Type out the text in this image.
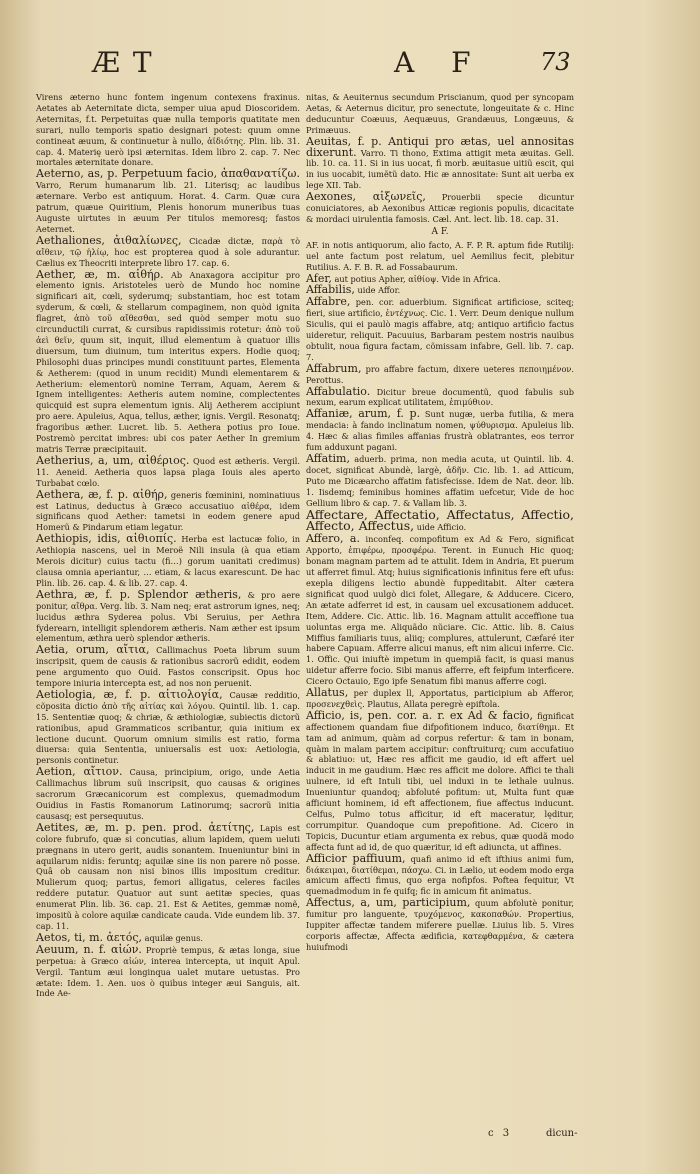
Æ T	A F 73
Virens æterno hunc fontem ingenum contexens fraxinus. Aetates ab Aeternitate dicta, semper uiua apud Dioscoridem. Aeternitas, f.t. Perpetuitas quæ nulla temporis quatitate men surari, nullo temporis spatio designari potest: quum omne contineat æuum, & continuetur à nullo, ἀϊδιότης. Plin. lib. 31. cap. 4. Materię uerò ipsi æternitas. Idem libro 2. cap. 7. Nec mortales æternitate donare.
Aeterno, as, p. Perpetuum facio, ἀπαθανατίζω. Varro, Rerum humanarum lib. 21. Literisq; ac laudibus æternare. Verbo est antiquum. Horat. 4. Carm. Quæ cura patrum, quæue Quiritium, Plenis honorum muneribus tuas Auguste uirtutes in æuum Per titulos memoresq; fastos Aeternet.
Aethaliones, ἀιθαλίωνες, Cicadæ dictæ, παρὰ τὸ αἴθειν, τῷ ἡλίῳ, hoc est propterea quod à sole adurantur. Cælius ex Theocriti interprete libro 17. cap. 6.
Aether, æ, m. αἰθήρ. Ab Anaxagora accipitur pro elemento ignis. Aristoteles uerò de Mundo hoc nomine significari ait, cœli, syderumq; substantiam, hoc est totam syderum, & cœli, & stellarum compaginem, non quòd ignita flagret, ἀπὸ τοῦ αἴθεσθαι, sed quòd semper motu suo circunductili currat, & cursibus rapidissimis rotetur: ἀπὸ τοῦ ἀεὶ θεῖν, quum sit, inquit, illud elementum à quatuor illis diuersum, tum diuinum, tum interitus expers. Hodie quoq; Philosophi duas principes mundi constituunt partes, Elementa & Aetherem: (quod in unum recidit) Mundi elementarem & Aetherium: elementorũ nomine Terram, Aquam, Aerem & Ignem intelligentes: Aetheris autem nomine, complectentes quicquid est supra elementum ignis. Alij Aetherem accipiunt pro aere. Apuleius, Aqua, tellus, æther, ignis. Vergil. Resonatq; fragoribus æther. Lucret. lib. 5. Aethera potius pro Ioue. Postremò percitat imbres: ubi cos pater Aether In gremium matris Terræ præcipitauit.
Aetherius, a, um, αἰθέριος. Quod est ætheris. Vergil. 11. Aeneid. Aetheria quos lapsa plaga Iouis ales aperto Turbabat cœlo.
Aethera, æ, f. p. αἰθήρ, generis fœminini, nominatiuus est Latinus, deductus à Græco accusatiuo αἰθέρα, idem significans quod Aether: tametsi in eodem genere apud Homerũ & Pindarum etiam legatur.
Aethiopis, idis, αἰθιοπίς. Herba est lactucæ folio, in Aethiopia nascens, uel in Meroë Nili insula (à qua etiam Merois dicitur) cuius tactu (fi…) gorum uanitati credimus) clausa omnia aperiantur, … etiam, & lacus exarescunt. De hac Plin. lib. 26. cap. 4. & lib. 27. cap. 4.
Aethra, æ, f. p. Splendor ætheris, & pro aere ponitur, αἴθρα. Verg. lib. 3. Nam neq; erat astrorum ignes, neq; lucidus æthra Syderea polus. Vbi Seruius, per Aethra fyderearn, intelligit splendorem ætheris. Nam æther est ipsum elementum, æthra uerò splendor ætheris.
Aetia, orum, αἴτια, Callimachus Poeta librum suum inscripsit, quem de causis & rationibus sacrorũ edidit, eodem pene argumento quo Ouid. Fastos conscripsit. Opus hoc tempore iniuria intercepta est, ad nos non peruenit.
Aetiologia, æ, f. p. αἰτιολογία, Causæ redditio, cõposita dictio ἀπὸ τῆς αἰτίας καὶ λόγου. Quintil. lib. 1. cap. 15. Sententiæ quoq; & chriæ, & æthiologiæ, subiectis dictorũ rationibus, apud Grammaticos scribantur, quia initium ex lectione ducunt. Quorum omnium similis est ratio, forma diuersa: quia Sententia, uniuersalis est uox: Aetiologia, personis continetur.
Aetion, αἴτιον. Causa, principium, origo, unde Aetia Callimachus librum suũ inscripsit, quo causas & origines sacrorum Græcanicorum est complexus, quemadmodum Ouidius in Fastis Romanorum Latinorumq; sacrorũ initia causasq; est persequutus.
Aetites, æ, m. p. pen. prod. ἀετίτης, Lapis est colore fubrufo, quæ si concutias, alium lapidem, quem ueluti prægnans in utero gerit, audis sonantem. Inueniuntur bini in aquilarum nidis: feruntq; aquilæ sine iis non parere nõ posse. Quâ ob causam non nisi binos illis impositum creditur. Mulierum quoq; partus, femori alligatus, celeres faciles reddere putatur. Quatuor aut sunt aetitæ species, quas enumerat Plin. lib. 36. cap. 21. Est & Aetites, gemmæ nomẽ, impositũ à colore aquilæ candicate cauda. Vide eundem lib. 37. cap. 11.
Aetos, ti, m. ἀετός, aquilæ genus.
Aeuum, n. f. αἰών. Propriè tempus, & ætas longa, siue perpetua: à Græco αἰών, interea intercepta, ut inquit Apul. Vergil. Tantum æui longinqua ualet mutare uetustas. Pro ætate: Idem. 1. Aen. uos ò quibus integer æui Sanguis, ait. Inde Ae-
nitas, & Aeuiternus secundum Priscianum, quod per syncopam Aetas, & Aeternus dicitur, pro senectute, longeuitate & c. Hinc deducuntur Coæuus, Aequæuus, Grandæuus, Longæuus, & Primæuus.
Aeuitas, f. p. Antiqui pro ætas, uel annositas dixerunt. Varro. Ti thono, Extima attigit meta æuitas. Gell. lib. 10. ca. 11. Si in ius uocat, fi morb. æuitasue uitiũ escit, qui in ius uocabit, iumẽtũ dato. Hic æ annositate: Sunt ait uerba ex lege XII. Tab.
Aexones, αἰξωνεῖς, Prouerbii specie dicuntur conuiciatores, ab Aexonibus Atticæ regionis populis, dicacitate & mordaci uirulentia famosis. Cæl. Ant. lect. lib. 18. cap. 31.
A F.
AF. in notis antiquorum, alio facto, A. F. P. R. aptum fide Rutilij: uel ante factum post relatum, uel Aemilius fecit, plebitur Rutilius. A. F. B. R. ad Fossabaurum.
Afer, aut potius Apher, αἰθίοψ. Vide in Africa.
Affabilis, uide Affor.
Affabre, pen. cor. aduerbium. Significat artificiose, sciteq; fieri, siue artificio, ἐντέχνως. Cic. 1. Verr. Deum denique nullum Siculis, qui ei paulò magis affabre, atq; antiquo artificio factus uideretur, reliquit. Pacuuius, Barbaram pestem nostris nauibus obtulit, noua figura factam, cõmissam infabre, Gell. lib. 7. cap. 7.
Affabrum, pro affabre factum, dixere ueteres πεποιημένον. Perottus.
Affabulatio. Dicitur breue documentũ, quod fabulis sub nexum, earum explicat utilitatem, ἐπιμύθιον.
Affaniæ, arum, f. p. Sunt nugæ, uerba futilia, & mera mendacia: à fando inclinatum nomen, ψύθυρισμα. Apuleius lib. 4. Hæc & alias fimiles affanias frustrà oblatrantes, eos terror fum adduxunt pagani.
Affatim, aduerb. prima, non media acuta, ut Quintil. lib. 4. docet, significat Abundè, largè, ἀδῆν. Cic. lib. 1. ad Atticum, Puto me Dicæarcho affatim fatisfecisse. Idem de Nat. deor. lib. 1. Iisdemq; feminibus homines affatim uefcetur, Vide de hoc Gellium libro & cap. 7. & Vallam lib. 3.
Affectare, Affectatio, Affectatus, Affectio, Affecto, Affectus, uide Afficio.
Affero, a. inconfeq. compofitum ex Ad & Fero, significat Apporto, ἐπιφέρω, προσφέρω. Terent. in Eunuch Hic quoq; bonam magnam partem ad te attulit. Idem in Andria, Et puerum ut afferret fimul. Atq; huius significationis infinitus fere eft ufus: exepla diligens lectio abundè fuppeditabit. Alter cætera significat quod uulgò dici folet, Allegare, & Adducere. Cicero, An ætate adferret id est, in causam uel excusationem adducet. Item, Addere. Cic. Attic. lib. 16. Magnam attulit acceffione tua uoluntas erga me. Aliquãdo nũciare. Cic. Attic. lib. 8. Caius Miffius familiaris tuus, aliiq; complures, attulerunt, Cæfaré iter habere Capuam. Afferre alicui manus, eft nim alicui inferre. Cic. 1. Offic. Qui iniuftè impetum in quempiã facit, is quasi manus uidetur afferre focio. Sibi manus afferre, eft feipfum interficere. Cicero Octauio, Ego ipfe Senatum fibi manus afferre cogi.
Allatus, per duplex ll, Apportatus, participium ab Afferor, προσενεχθεὶς. Plautus, Allata peregrè epiftola.
Afficio, is, pen. cor. a. r. ex Ad & facio, fignificat affectionem quandam fiue difpofitionem induco, διατίθημι. Et tam ad animum, quàm ad corpus refertur: & tam in bonam, quàm in malam partem accipitur: conftruiturq; cum accufatiuo & ablatiuo: ut, Hæc res afficit me gaudio, id eft affert uel inducit in me gaudium. Hæc res afficit me dolore. Affici te thali uulnere, id eft Intuli tibi, uel induxi in te lethale uulnus. Inueniuntur quandoq; abfoluté pofitum: ut, Multa funt quæ afficiunt hominem, id eft affectionem, fiue affectus inducunt. Celfus, Pulmo totus afficitur, id eft maceratur, lęditur, corrumpitur. Quandoque cum prepofitione. Ad. Cicero in Topicis, Ducuntur etiam argumenta ex rebus, quæ quodã modo affecta funt ad id, de quo quæritur, id eft adiuncta, ut affines.
Afficior paffiuum, quafi animo id eft ifthius animi fum, διάκειμαι, διατίθεμαι, πάσχω. Ci. in Lælio, ut eodem modo erga amicum affecti fimus, quo erga nofipfos. Poftea fequitur, Vt quemadmodum in fe quifq; fic in amicum fit animatus.
Affectus, a, um, participium, quum abfolutè ponitur, fumitur pro languente, τρυχόμενος, κακοπαθών. Propertius, Iuppiter affectæ tandem miferere puellæ. Liuius lib. 5. Vires corporis affectæ, Affecta ædificia, κατεφθαρμένα, & cætera huiufmodi
c 3	dicun-
